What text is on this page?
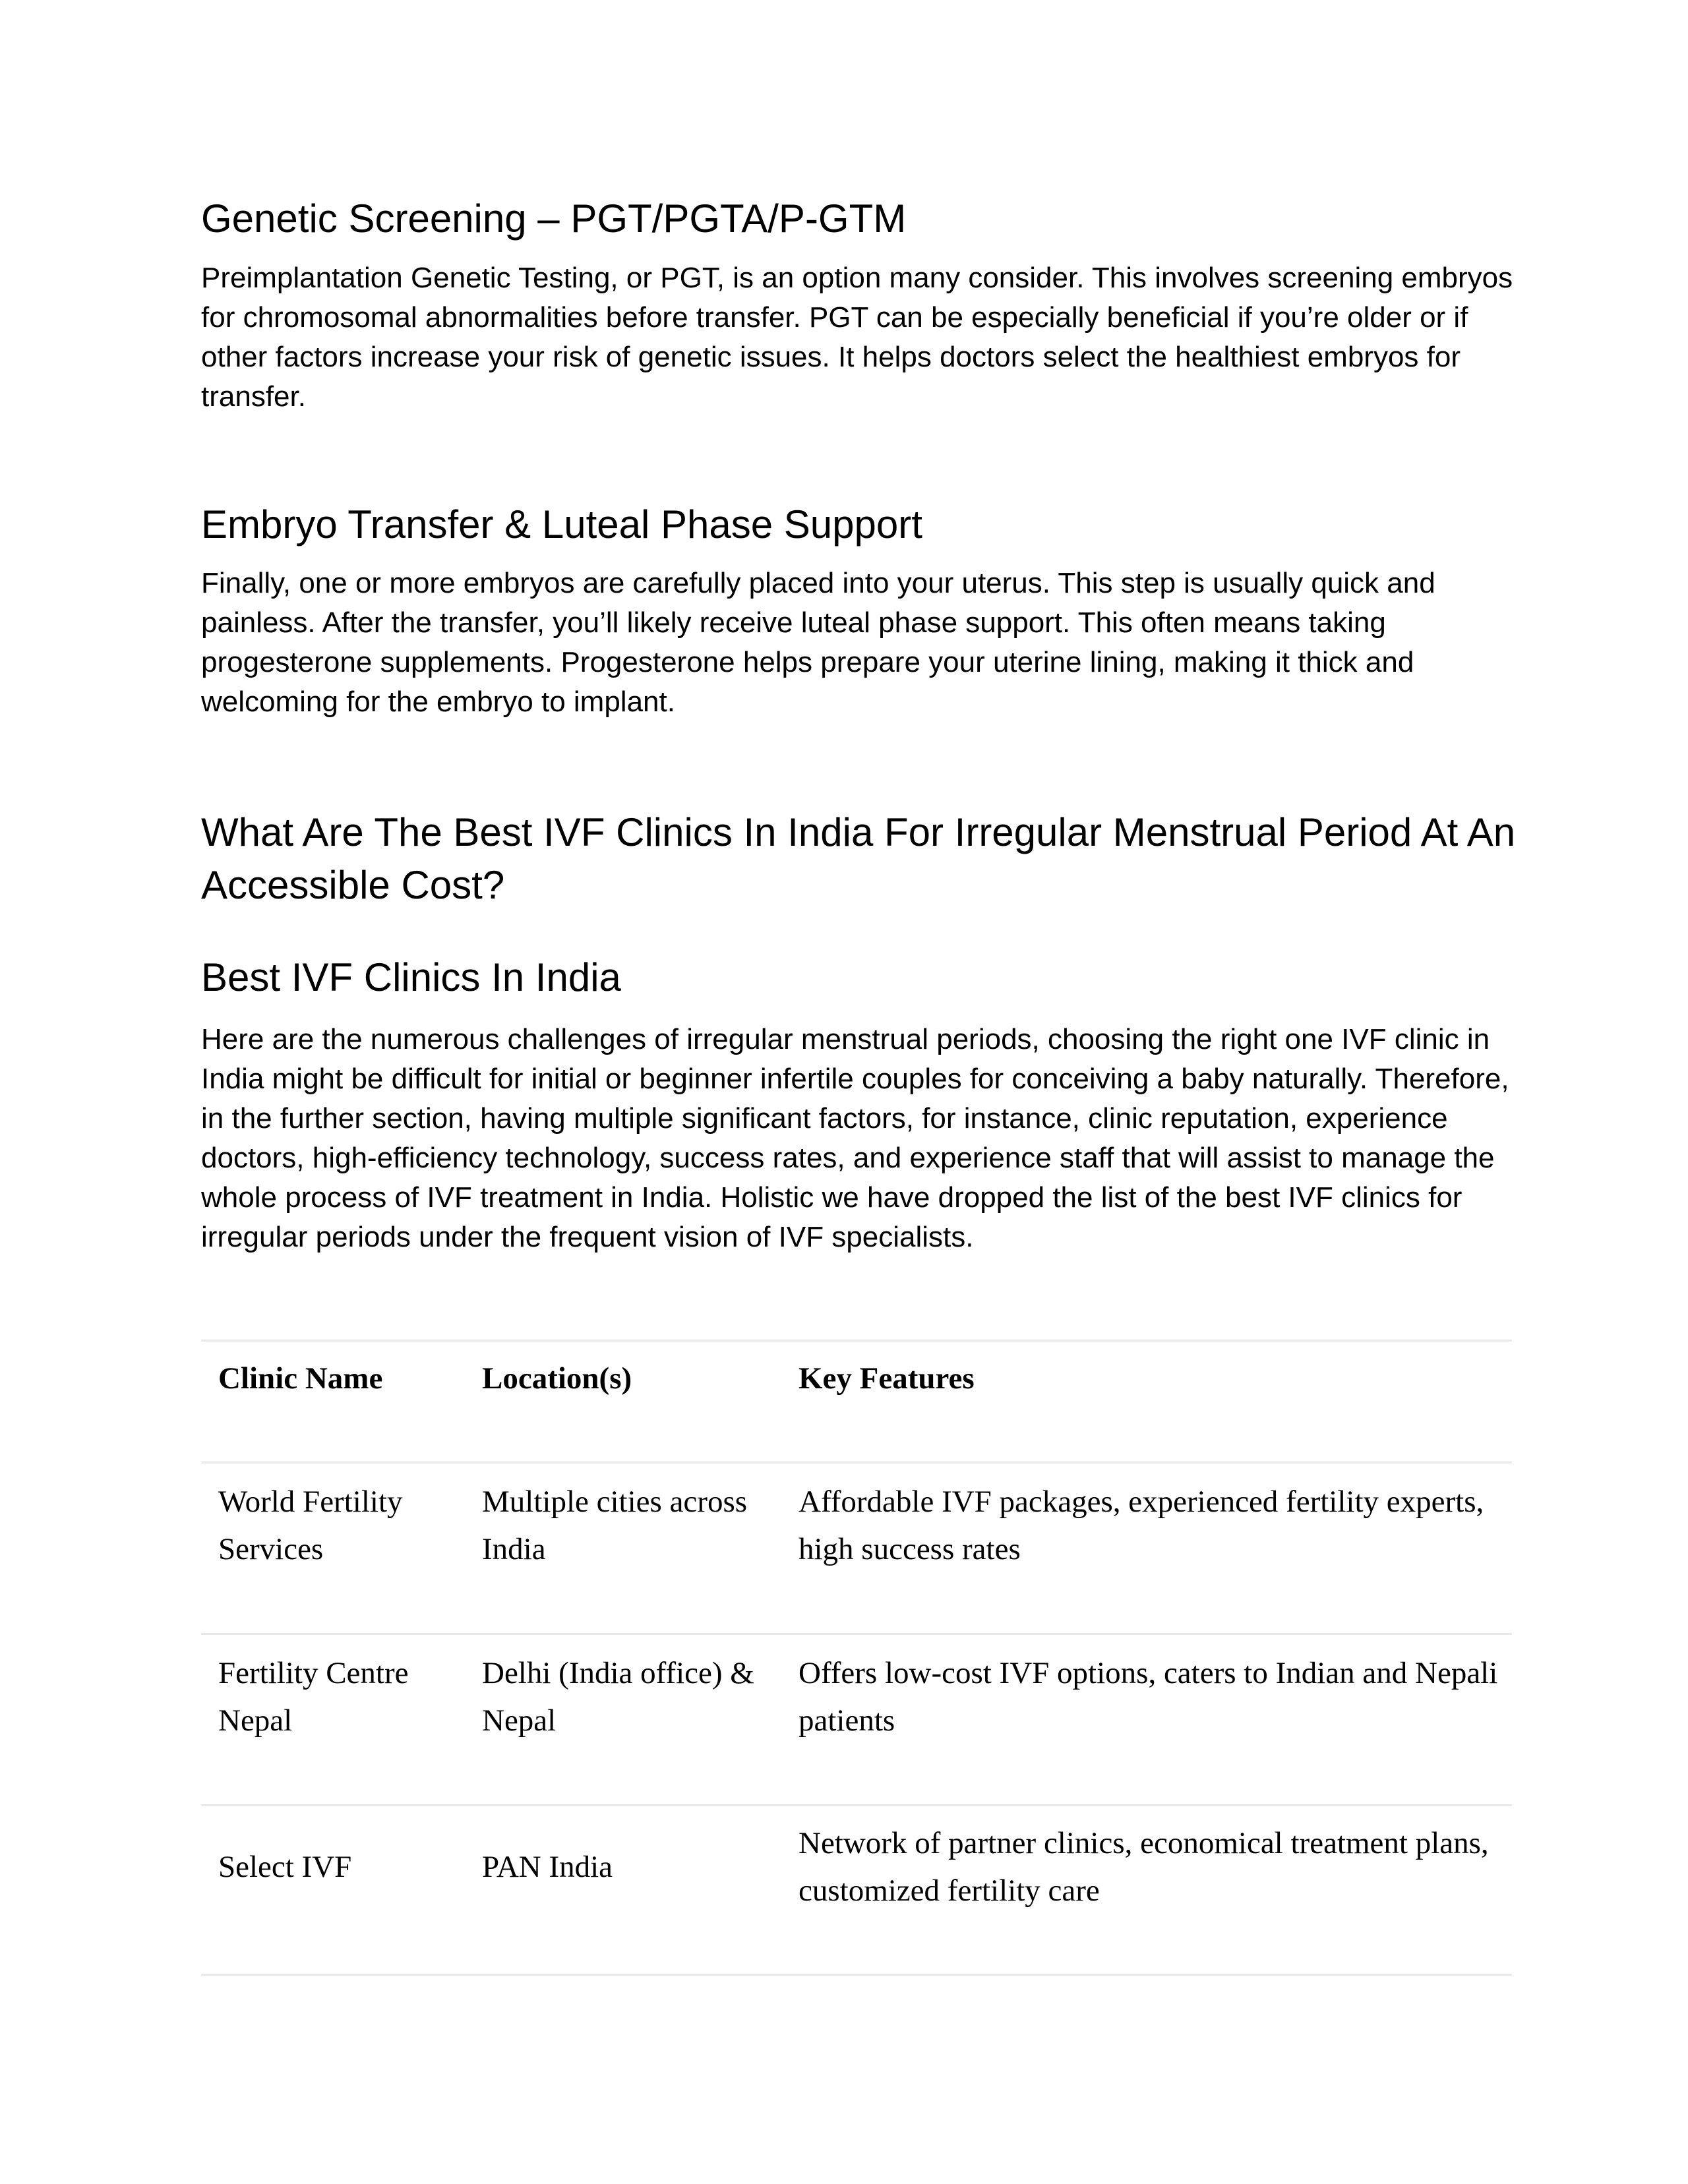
Genetic Screening – PGT/PGTA/P-GTM

Preimplantation Genetic Testing, or PGT, is an option many consider. This involves screening embryos for chromosomal abnormalities before transfer. PGT can be especially beneficial if you’re older or if other factors increase your risk of genetic issues. It helps doctors select the healthiest embryos for transfer.

Embryo Transfer & Luteal Phase Support

Finally, one or more embryos are carefully placed into your uterus. This step is usually quick and painless. After the transfer, you’ll likely receive luteal phase support. This often means taking progesterone supplements. Progesterone helps prepare your uterine lining, making it thick and welcoming for the embryo to implant.

What Are The Best IVF Clinics In India For Irregular Menstrual Period At An Accessible Cost?
Best IVF Clinics In India

Here are the numerous challenges of irregular menstrual periods, choosing the right one IVF clinic in India might be difficult for initial or beginner infertile couples for conceiving a baby naturally. Therefore, in the further section, having multiple significant factors, for instance, clinic reputation, experience doctors, high-efficiency technology, success rates, and experience staff that will assist to manage the whole process of IVF treatment in India. Holistic we have dropped the list of the best IVF clinics for irregular periods under the frequent vision of IVF specialists.

Clinic Name	Location(s)	Key Features
World Fertility Services	Multiple cities across India	Affordable IVF packages, experienced fertility experts, high success rates
Fertility Centre Nepal	Delhi (India office) & Nepal	Offers low-cost IVF options, caters to Indian and Nepali patients
Select IVF	PAN India	Network of partner clinics, economical treatment plans, customized fertility care
